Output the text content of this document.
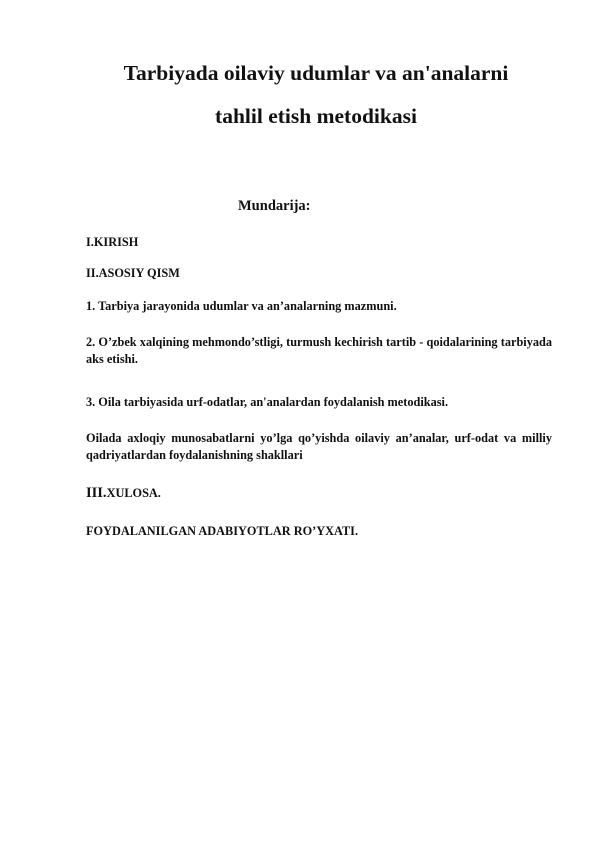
Tarbiyada oilaviy udumlar va an'analarni
tahlil etish metodikasi
Mundarija:
I.KIRISH
II.ASOSIY QISM
1. Tarbiya jarayonida udumlar va an’analarning mazmuni.
2. O’zbek xalqining mehmondo’stligi, turmush kechirish tartib - qoidalarining tarbiyada aks etishi.
3. Oila tarbiyasida urf-odatlar, an'analardan foydalanish metodikasi.
Oilada axloqiy munosabatlarni yo’lga qo’yishda oilaviy an’analar, urf-odat va milliy qadriyatlardan foydalanishning shakllari
III.XULOSA.
FOYDALANILGAN ADABIYOTLAR RO’YXATI.
